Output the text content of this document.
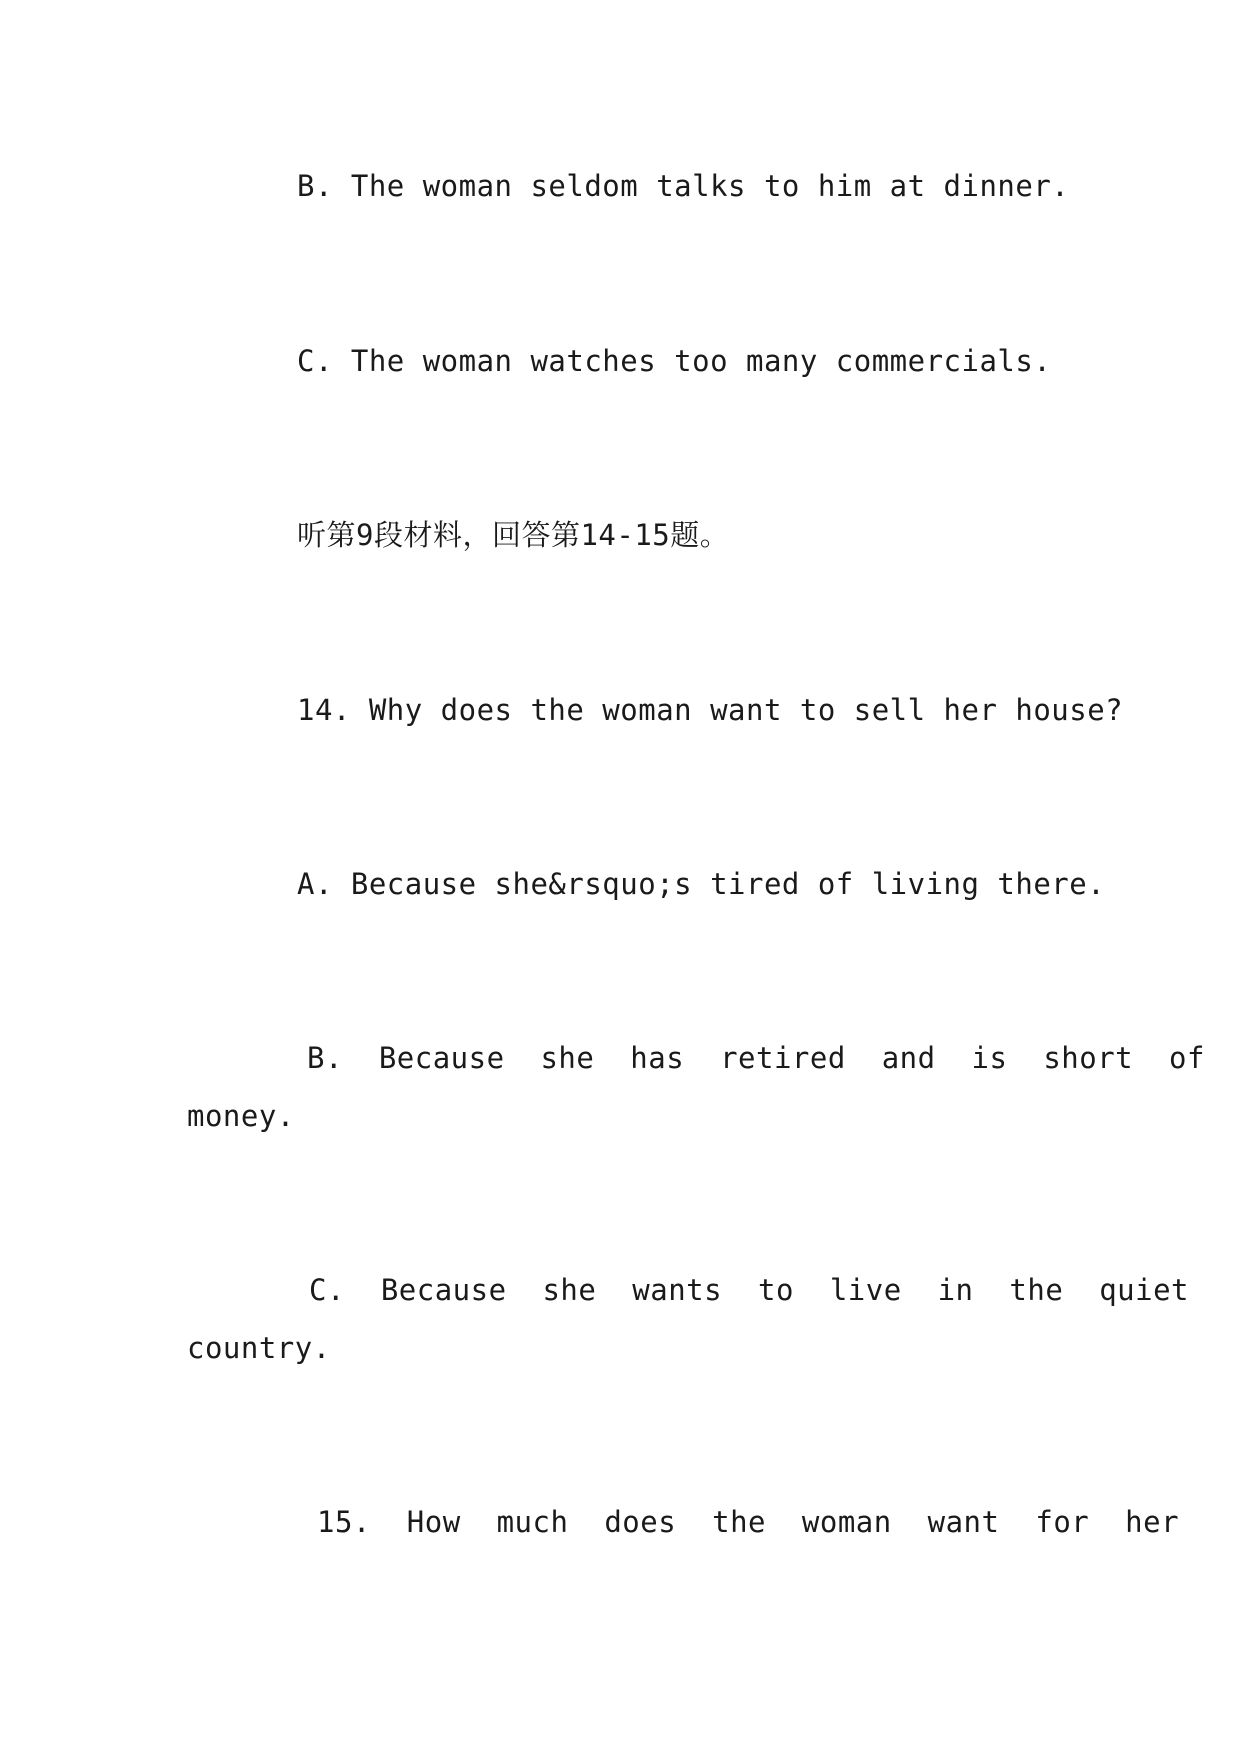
B. The woman seldom talks to him at dinner.
C. The woman watches too many commercials.
听第9段材料，回答第14-15题。
14. Why does the woman want to sell her house?
A. Because she&rsquo;s tired of living there.
B.  Because  she  has  retired  and  is  short  of
money.
C.  Because  she  wants  to  live  in  the  quiet
country.
15.  How  much  does  the  woman  want  for  her
